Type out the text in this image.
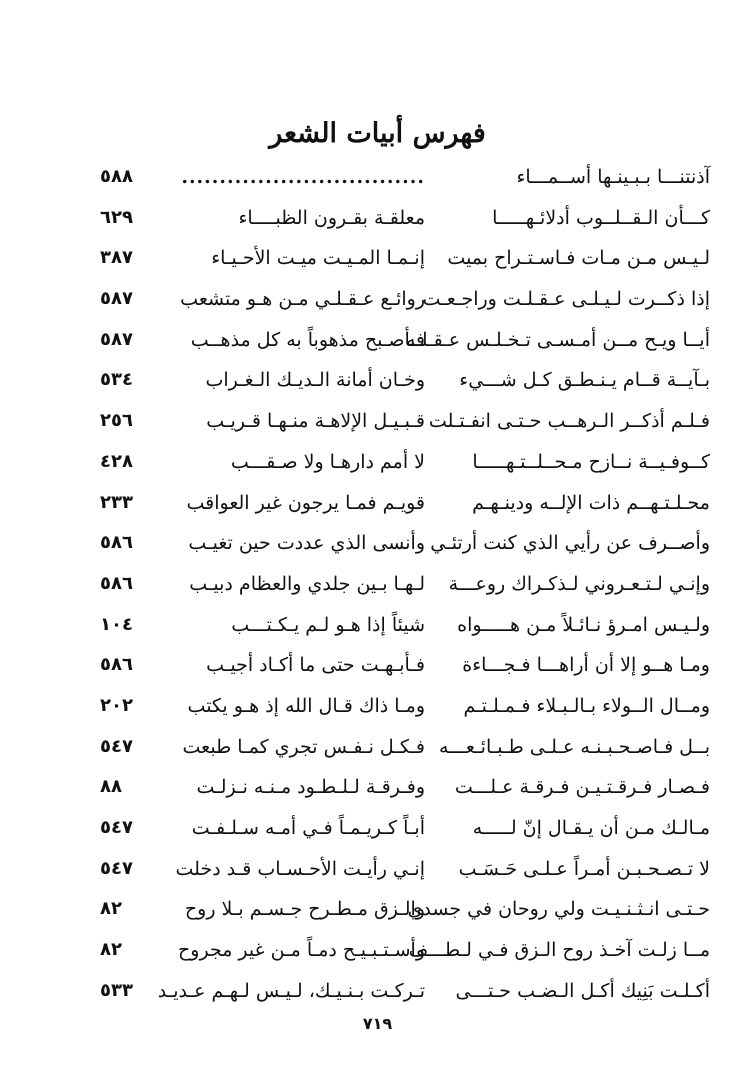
فهرس أبيات الشعر
آذنتنـــا بـبـينـها أســمـــاء
................................
٥٨٨
كـــأن الـقــلــوب أدلائـهـــــا
معلقـة بقـرون الظبــــاء
٦٢٩
لـيـس مـن مـات فـاسـتـراح بميت
إنـمـا المـيـت ميـت الأحـيـاء
٣٨٧
إذا ذكــرت لـيـلـى عـقـلـت وراجـعـت
روائـع عـقـلـي مـن هـو متشعب
٥٨٧
أيــا ويـح مــن أمـسـى تـخـلـس عـقـلـه
فـأصـبح مذهوباً به كل مذهــب
٥٨٧
بـآيــة قــام يـنـطـق كـل شـــيء
وخـان أمانة الـديـك الـغـراب
٥٣٤
فـلـم أذكــر الـرهــب حـتـى انفـتـلت
قـبـيـل الإلاهـة منـهـا قـريـب
٢٥٦
كــوفـيــة نــازح مـحــلــتـهـــــا
لا أمم دارهـا ولا صـقـــب
٤٢٨
محـلـتـهــم ذات الإلــه ودينـهـم
قويـم فمـا يرجون غير العواقب
٢٣٣
وأصــرف عن رأيي الذي كنت أرتئـي
وأنسى الذي عددت حين تغيـب
٥٨٦
وإنـي لـتـعـروني لـذكـراك روعـــة
لـهـا بـين جلدي والعظام دبيـب
٥٨٦
ولـيـس امـرؤ نـائـلاً مـن هـــــواه
شيئاً إذا هـو لـم يـكـتـــب
١٠٤
ومـا هــو إلا أن أراهـــا فـجـــاءة
فـأبـهـت حتى ما أكـاد أجيـب
٥٨٦
ومــال الــولاء بـالـبـلاء فـمـلـتـم
ومـا ذاك قـال الله إذ هـو يكتب
٢٠٢
بــل فـاصـحـبـنـه عـلـى طـبـائـعـــه
فـكـل نـفـس تجري كمـا طبعت
٥٤٧
فـصـار فـرقـتـيـن فـرقـة عـلـــت
وفـرقـة لـلـطـود مـنـه نـزلـت
٨٨
مـالـك مـن أن يـقـال إنّ لـــــه
أبـاً كـريـمـاً فـي أمـه سـلـفـت
٥٤٧
لا تـصـحـبـن أمـراً عـلـى حَـسَـب
إنـي رأيـت الأحـسـاب قـد دخلت
٥٤٧
حـتـى انـثـنـيـت ولي روحان في جسدي
والـزق مـطـرح جـسـم بـلا روح
٨٢
مــا زلـت آخـذ روح الـزق فـي لـطـــف
وأسـتـبـيـح دمـاً مـن غير مجروح
٨٢
أكـلـت بَنِيك أكـل الـضـب حـتـــى
تـركـت بـنـيـك، لـيـس لـهـم عـديـد
٥٣٣
٧١٩
